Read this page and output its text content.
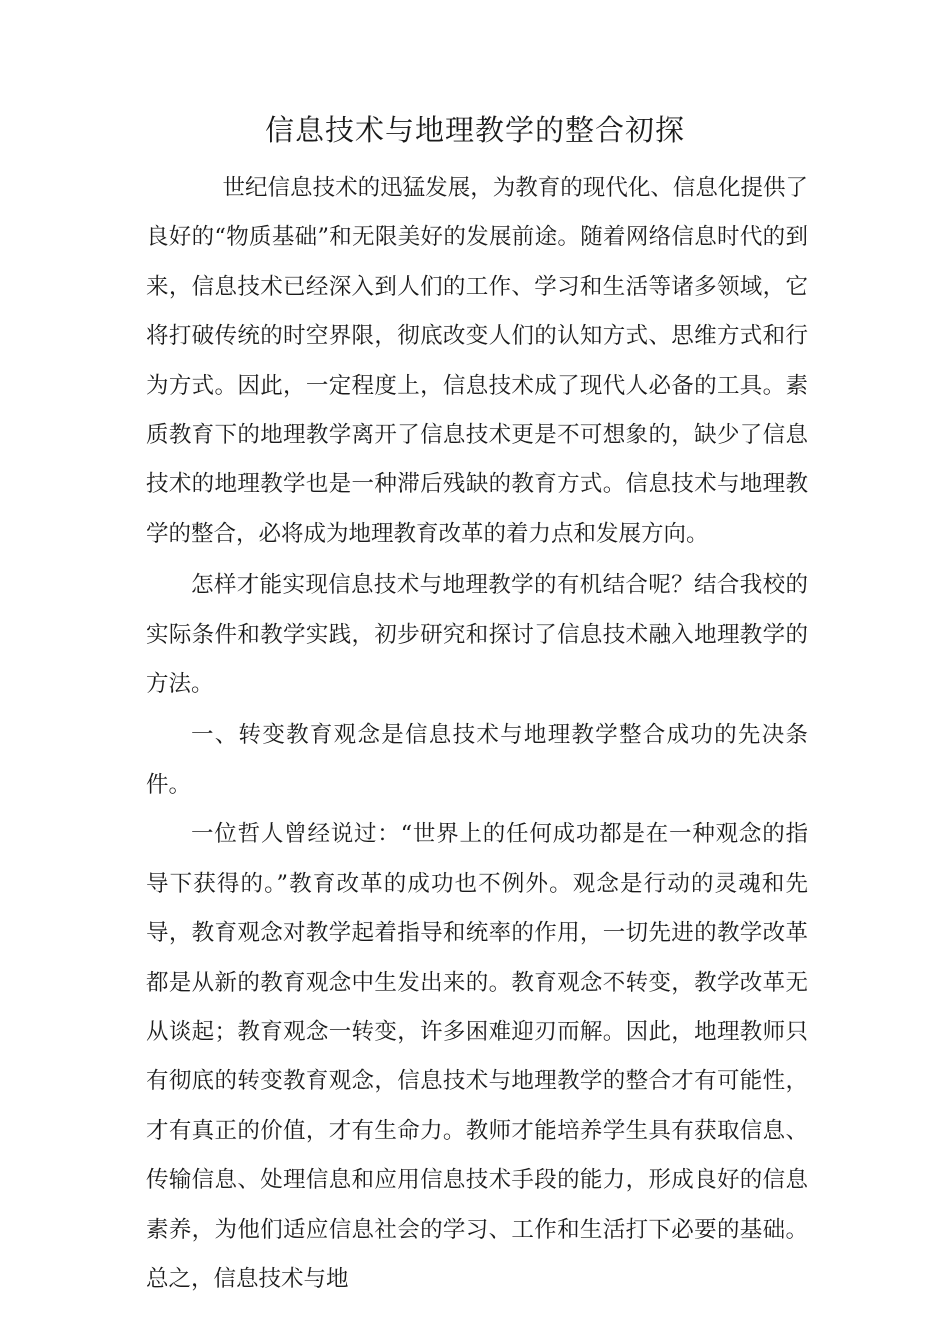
信息技术与地理教学的整合初探

世纪信息技术的迅猛发展，为教育的现代化、信息化提供了良好的“物质基础”和无限美好的发展前途。随着网络信息时代的到来，信息技术已经深入到人们的工作、学习和生活等诸多领域，它将打破传统的时空界限，彻底改变人们的认知方式、思维方式和行为方式。因此，一定程度上，信息技术成了现代人必备的工具。素质教育下的地理教学离开了信息技术更是不可想象的，缺少了信息技术的地理教学也是一种滞后残缺的教育方式。信息技术与地理教学的整合，必将成为地理教育改革的着力点和发展方向。

怎样才能实现信息技术与地理教学的有机结合呢？结合我校的实际条件和教学实践，初步研究和探讨了信息技术融入地理教学的方法。

一、转变教育观念是信息技术与地理教学整合成功的先决条件。

一位哲人曾经说过：“世界上的任何成功都是在一种观念的指导下获得的。”教育改革的成功也不例外。观念是行动的灵魂和先导，教育观念对教学起着指导和统率的作用，一切先进的教学改革都是从新的教育观念中生发出来的。教育观念不转变，教学改革无从谈起；教育观念一转变，许多困难迎刃而解。因此，地理教师只有彻底的转变教育观念，信息技术与地理教学的整合才有可能性，才有真正的价值，才有生命力。教师才能培养学生具有获取信息、传输信息、处理信息和应用信息技术手段的能力，形成良好的信息素养，为他们适应信息社会的学习、工作和生活打下必要的基础。总之，信息技术与地
